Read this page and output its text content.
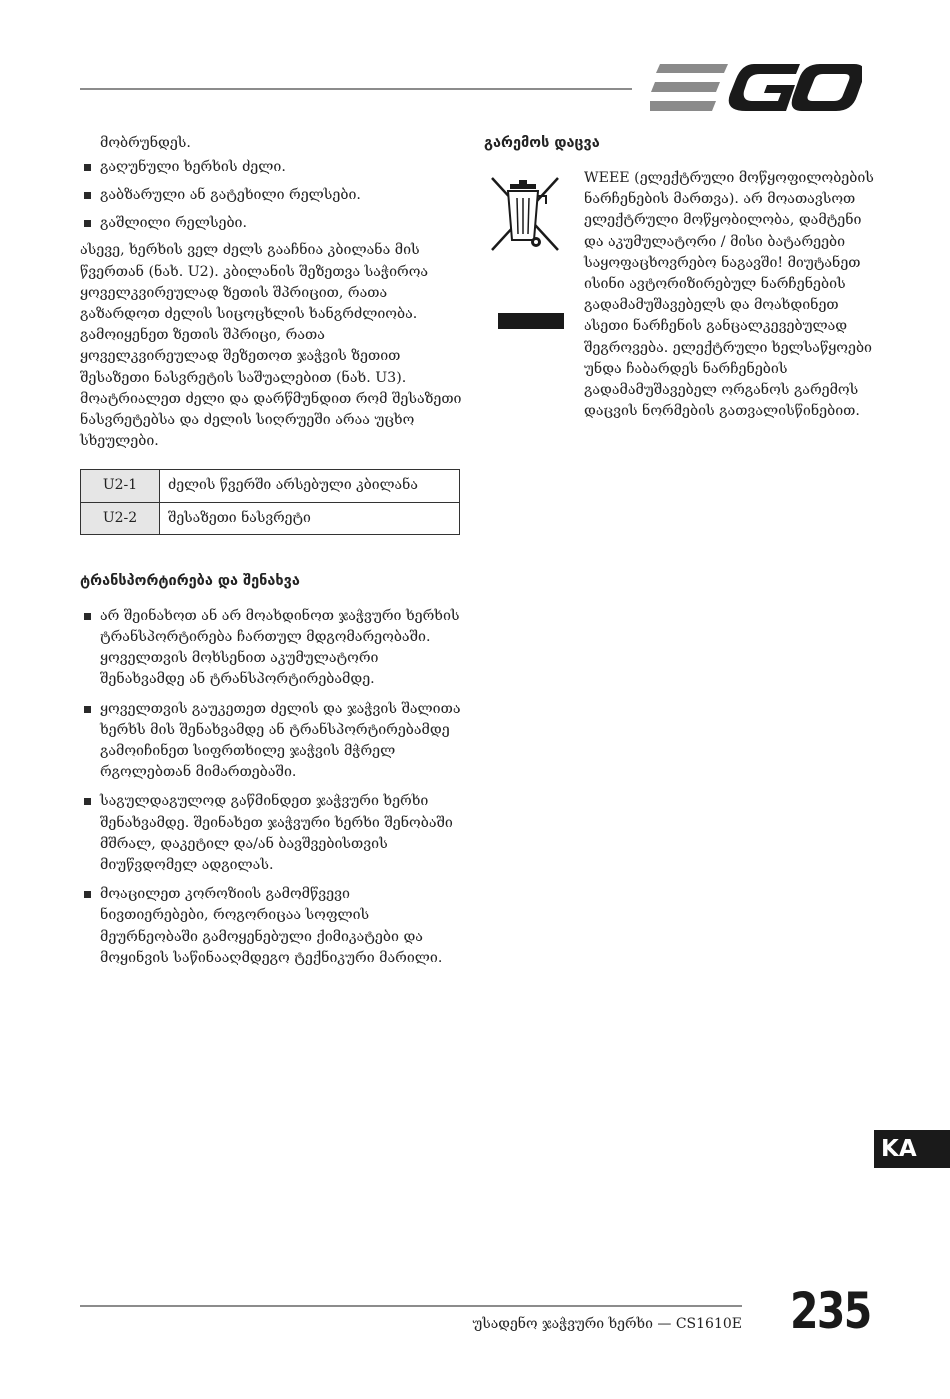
მობრუნდეს.

გაღუნული ხერხის ძელი.
გაბზარული ან გატეხილი რელსები.
გაშლილი რელსები.

ასევე, ხერხის ველ ძელს გააჩნია კბილანა მის წვერთან (ნახ. U2). კბილანის შეზეთვა საჭიროა ყოველკვირეულად ზეთის შპრიცით, რათა გაზარდოთ ძელის სიცოცხლის ხანგრძლიობა. გამოიყენეთ ზეთის შპრიცი, რათა ყოველკვირეულად შეზეთოთ ჯაჭვის ზეთით შესაზეთი ნასვრეტის საშუალებით (ნახ. U3). მოატრიალეთ ძელი და დარწმუნდით რომ შესაზეთი ნასვრეტებსა და ძელის სიღრუეში არაა უცხო სხეულები.

U2-1	ძელის წვერში არსებული კბილანა
U2-2	შესაზეთი ნასვრეტი
ტრანსპორტირება და შენახვა
არ შეინახოთ ან არ მოახდინოთ ჯაჭვური ხერხის ტრანსპორტირება ჩართულ მდგომარეობაში. ყოველთვის მოხსენით აკუმულატორი შენახვამდე ან ტრანსპორტირებამდე.
ყოველთვის გაუკეთეთ ძელის და ჯაჭვის შალითა ხერხს მის შენახვამდე ან ტრანსპორტირებამდე გამოიჩინეთ სიფრთხილე ჯაჭვის მჭრელ რგოლებთან მიმართებაში.
საგულდაგულოდ გაწმინდეთ ჯაჭვური ხერხი შენახვამდე. შეინახეთ ჯაჭვური ხერხი შენობაში მშრალ, დაკეტილ და/ან ბავშვებისთვის მიუწვდომელ ადგილას.
მოაცილეთ კოროზიის გამომწვევი ნივთიერებები, როგორიცაა სოფლის მეურნეობაში გამოყენებული ქიმიკატები და მოყინვის საწინააღმდეგო ტექნიკური მარილი.
გარემოს დაცვა

WEEE (ელექტრული მოწყოფილობების ნარჩენების მართვა). არ მოათავსოთ ელექტრული მოწყობილობა, დამტენი და აკუმულატორი / მისი ბატარეები საყოფაცხოვრებო ნაგავში! მიუტანეთ ისინი ავტორიზირებულ ნარჩენების გადამამუშავებელს და მოახდინეთ ასეთი ნარჩენის განცალკევებულად შეგროვება. ელექტრული ხელსაწყოები უნდა ჩაბარდეს ნარჩენების გადამამუშავებელ ორგანოს გარემოს დაცვის ნორმების გათვალისწინებით.

KA
უსადენო ჯაჭვური ხერხი — CS1610E 235
